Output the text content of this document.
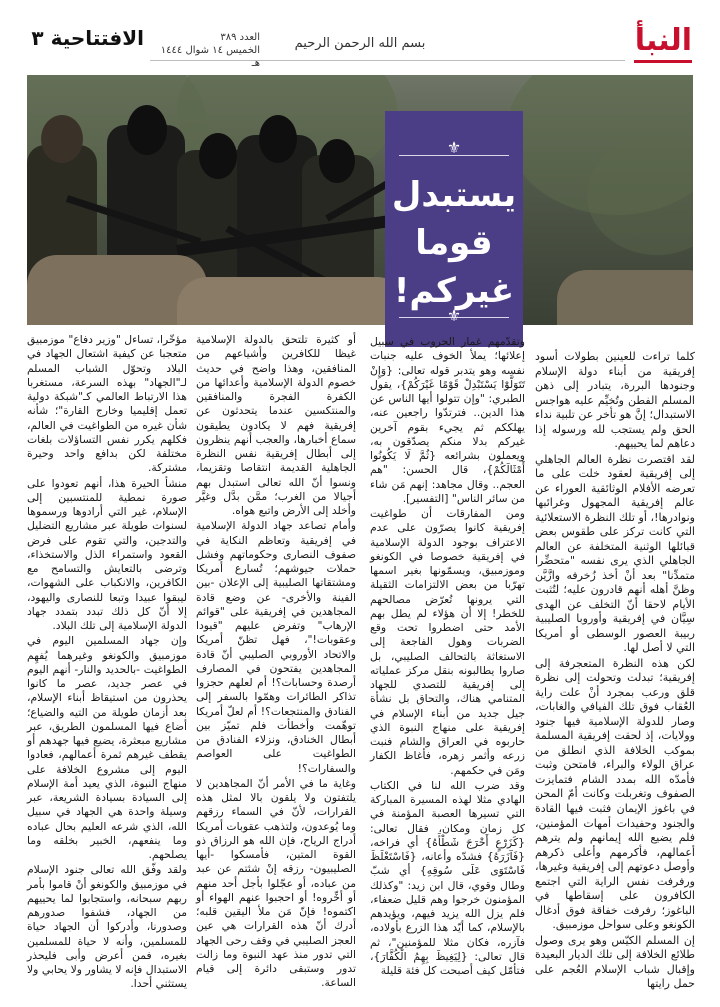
النبأ
بسم الله الرحمن الرحيم
العدد ٣٨٩
الخميس ١٤ شوال ١٤٤٤ هـ
الافتتاحية ٣
⚜
يستبدل قوما غيركم!
⚜

كلما تراءت للعينين بطولات أسود إفريقية من أبناء دولة الإسلام وجنودها البررة، يتبادر إلى ذهن المسلم الفطن وتُخيِّم عليه هواجس الاستبدال؛ إنَّ هو تأخر عن تلبية نداء الحق ولم يستجب لله ورسوله إذا دعاهم لما يحييهم.

لقد اقتصرت نظرة العالم الجاهلي إلى إفريقية لعقود خلت على ما تعرضه الأفلام الوثائقية العوراء عن عالم إفريقية المجهول وغرائبها ونوادرها!، أو تلك النظرة الاستعلائية التي كانت تركز على طقوس بعض قبائلها الوثنية المتخلفة عن العالم الجاهلي الذي يرى نفسه "متحضِّرا متمدِّنا" بعد أنْ أخذ زُخرفه وازَّيَّن وظنَّ أهله أنهم قادرون عليه؛ لتُثبت الأيام لاحقا أنّ التخلف عن الهدى سِيَّان في إفريقية وأوروبا الصليبية ربيبة العصور الوسطى أو أمريكا التي لا أصل لها.

لكن هذه النظرة المتعجرفة إلى إفريقية؛ تبدلت وتحولت إلى نظرة قلق ورعب بمجرد أنْ علت راية العُقاب فوق تلك الفيافي والغابات، وصار للدولة الإسلامية فيها جنود وولايات، إذ لحقت إفريقية المسلمة بموكب الخلافة الذي انطلق من عراق الولاء والبراء، فامتحن وثبت فأمدّه الله بمدد الشام فتمايزت الصفوف وتغربلت وكانت أمّ المحن في باغوز الإيمان فثبت فيها القادة والجنود وحفيدات أمهات المؤمنين، فلم يضيع الله إيمانهم ولم يترهم أعمالهم، فأكرمهم وأعلى ذكرهم وأوصل دعوتهم إلى إفريقية وغيرها، ورفرفت نفس الراية التي اجتمع الكافرون على إسقاطها في الباغوز؛ رفرفت خفاقة فوق أدغال الكونغو وعلى سواحل موزمبيق.

إن المسلم الكيّس وهو يرى وصول طلائع الخلافة إلى تلك الديار البعيدة وإقبال شباب الإسلام العُجم على حمل رايتها

وتقدّمهم غمار الحروب في سبيل إعلائها؛ يملأ الخوف عليه جنبات نفسه وهو يتدبر قوله تعالى: {وَإِنْ تَتَوَلَّوْا يَسْتَبْدِلْ قَوْمًا غَيْرَكُمْ}، يقول الطبري: "وإن تتولوا أيها الناس عن هذا الدين.. فترتدّوا راجعين عنه، يهلككم ثم يجيء بقوم آخرين غيركم بدلا منكم يصدّقون به، ويعملون بشرائعه {ثُمَّ لَا يَكُونُوا أَمْثَالَكُمْ}، قال الحسن: "هم العجم.. وقال مجاهد: إنهم مَن شاء من سائر الناس" [التفسير].

ومن المفارقات أن طواغيت إفريقية كانوا يصرّون على عدم الاعتراف بوجود الدولة الإسلامية في إفريقية خصوصا في الكونغو وموزمبيق، ويسمّونها بغير اسمها تهرّبا من بعض الالتزامات الثقيلة التي يرونها تُعرّض مصالحهم للخطر! إلا أن هؤلاء لم يطل بهم الأمد حتى اضطروا تحت وقع الضربات وهول الفاجعة إلى الاستغاثة بالتحالف الصليبي، بل صاروا يطالبونه بنقل مركز عملياته إلى إفريقية للتصدي للجهاد المتنامي هناك، والتحاق بل نشأة جيل جديد من أبناء الإسلام في إفريقية على منهاج النبوة الذي حاربوه في العراق والشام فنبت زرعه وأثمر زهره، فأغاظ الكفار ومَن في حكمهم.

وقد ضرب الله لنا في الكتاب الهادي مثلا لهذه المسيرة المباركة التي تسيرها العصبة المؤمنة في كل زمان ومكان، فقال تعالى: {كَزَرْعٍ أَخْرَجَ شَطْأَهُ} أي فراخه، {فَآزَرَهُ} فشدّه وأعانه، {فَاسْتَغْلَظَ فَاسْتَوَى عَلَى سُوقِهِ} أي شبّ وطال وقوي، قال ابن زيد: "وكذلك المؤمنون خرجوا وهم قليل ضعفاء، فلم يزل الله يزيد فيهم، ويؤيدهم بالإسلام، كما أيّد هذا الزرع بأولاده، فآزره، فكان مثلا للمؤمنين"، ثم قال تعالى: {لِيَغِيظَ بِهِمُ الْكُفَّارَ}، فتأمّل كيف أصبحت كل فئة قليلة

أو كثيرة تلتحق بالدولة الإسلامية غيظا للكافرين وأشياعهم من المنافقين، وهذا واضح في حديث خصوم الدولة الإسلامية وأعدائها من الكفرة الفجرة والمنافقين والمنتكسين عندما يتحدثون عن إفريقية فهم لا يكادون يطيقون سماع أخبارها، والعجب أنهم ينظرون إلى أبطال إفريقية نفس النظرة الجاهلية القديمة انتقاصا وتقزيما، ونسوا أنّ الله تعالى استبدل بهم أجيالا من الغرب؛ ممَّن بدَّل وغيَّر وأخلد إلى الأرض واتبع هواه.

وأمام تصاعد جهاد الدولة الإسلامية في إفريقية وتعاظم النكاية في صفوف النصارى وحكوماتهم وفشل حملات جيوشهم؛ تُسارع أمريكا ومشتقاتها الصليبية إلى الإعلان -بين الفينة والأخرى- عن وضع قادة المجاهدين في إفريقية على "قوائم الإرهاب" وتفرض عليهم "قيودا وعقوبات!"، فهل تظنّ أمريكا والاتحاد الأوروبي الصليبي أنّ قادة المجاهدين يفتحون في المصارف أرصدة وحسابات؟! أم لعلهم حجزوا تذاكر الطائرات وهمّوا بالسفر إلى الفنادق والمنتجعات؟! أم لعلّ أمريكا توهّمت وأخطأت فلم تميّز بين أبطال الخنادق، ونزلاء الفنادق من الطواغيت على العواصم والسفارات؟!

وغاية ما في الأمر أنّ المجاهدين لا يلتفتون ولا يلقون بالا لمثل هذه القرارات، لأنّ في السماء رزقهم وما يُوعدون، ولتذهب عقوبات أمريكا أدراج الرياح، فإن الله هو الرزاق ذو القوة المتين، فأمسكوا -أيها الصليبيون- رزقه إنْ شئتم عن عبد من عباده، أو عجّلوا بأجل أحد منهم أو أخِّروه! أو احجبوا عنهم الهواء أو اكتموه! فإنّ مَن ملأ اليقين قلبه؛ أدرك أنّ هذه القرارات هي عين العجز الصليبي في وقف رحى الجهاد التي تدور منذ عهد النبوة وما زالت تدور وستبقى دائرة إلى قيام الساعة.

مؤخّرا، تساءل "وزير دفاع" موزمبيق متعجبا عن كيفية اشتعال الجهاد في البلاد وتحوّل الشباب المسلم لـ"الجهاد" بهذه السرعة، مستغربا هذا الارتباط العالمي كـ"شبكة دولية تعمل إقليميا وخارج القارة"؛ شأنه شأن غيره من الطواغيت في العالم، فكلهم يكرر نفس التساؤلات بلغات مختلفة لكن بدافع واحد وحيرة مشتركة.

منشأ الحيرة هذا، أنهم تعودوا على صورة نمطية للمنتسبين إلى الإسلام، غير التي أرادوها ورسموها لسنوات طويلة عبر مشاريع التضليل والتدجين، والتي تقوم على فرض القعود واستمراء الذل والاستخذاء، وترضى بالتعايش والتسامح مع الكافرين، والانكباب على الشهوات، ليبقوا عبيدا وتبعا للنصارى واليهود، إلا أنّ كل ذلك تبدد بتمدد جهاد الدولة الإسلامية إلى تلك البلاد.

وإن جهاد المسلمين اليوم في موزمبيق والكونغو وغيرهما يُفهِم الطواغيت -بالحديد والنار- أنهم اليوم في عصر جديد، عصر ما كانوا يحذرون من استيقاظ أبناء الإسلام، بعد أزمان طويلة من التيه والضياع؛ أضاع فيها المسلمون الطريق، عبر مشاريع مبعثرة، يضيع فيها جهدهم أو يقطف غيرهم ثمرة أعمالهم، فعادوا اليوم إلى مشروع الخلافة على منهاج النبوة، الذي يعيد أمة الإسلام إلى السيادة بسيادة الشريعة، عبر وسيلة واحدة هي الجهاد في سبيل الله، الذي شرعه العليم بحال عباده وما ينفعهم، الخبير بخلقه وما يصلحهم.

ولقد وفّق الله تعالى جنود الإسلام في موزمبيق والكونغو أنْ قاموا بأمر ربهم سبحانه، واستجابوا لما يحييهم من الجهاد، فشفوا صدورهم وصدورنا، وأدركوا أن الجهاد حياة للمسلمين، وأنه لا حياة للمسلمين بغيره، فمن أعرض وأبى فليحذر الاستبدال فإنه لا يشاور ولا يحابي ولا يستثني أحدا.
